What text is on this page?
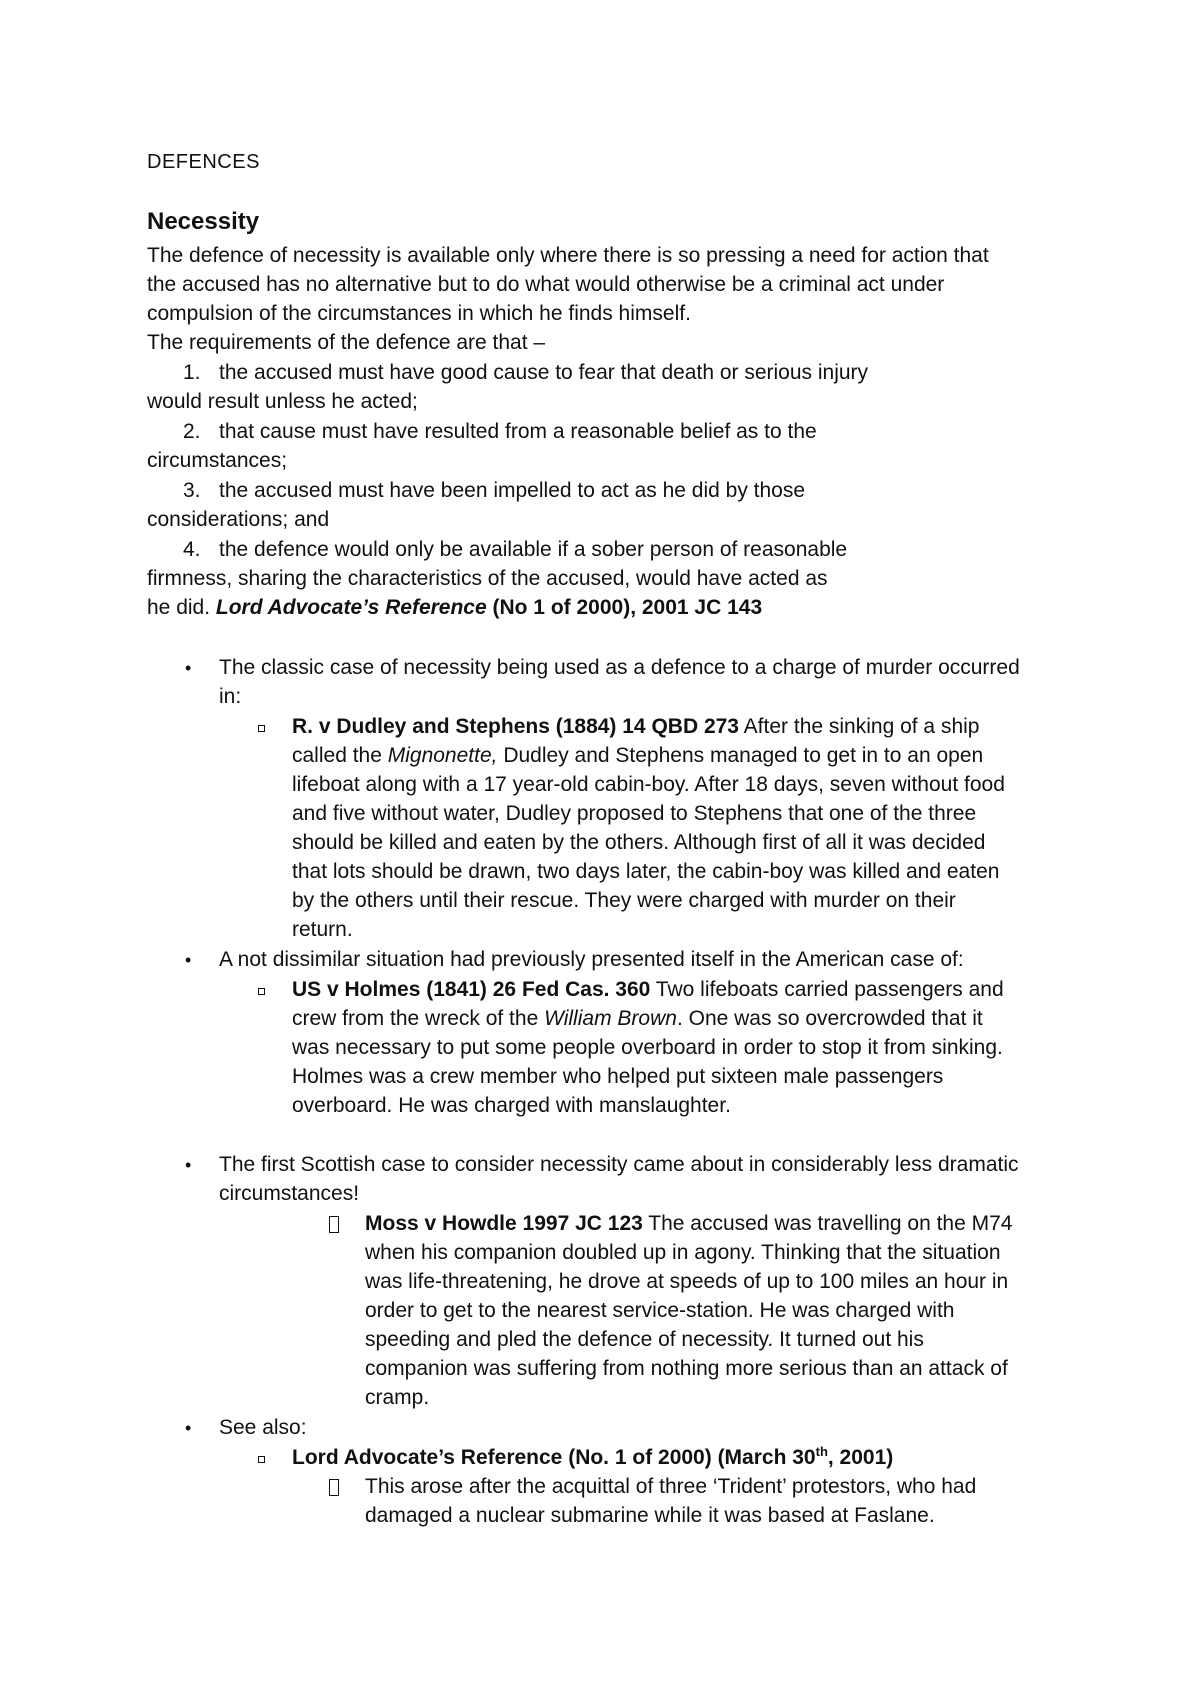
DEFENCES
Necessity
The defence of necessity is available only where there is so pressing a need for action that
the accused has no alternative but to do what would otherwise be a criminal act under
compulsion of the circumstances in which he finds himself.
The requirements of the defence are that –
1. the accused must have good cause to fear that death or serious injury
would result unless he acted;
2. that cause must have resulted from a reasonable belief as to the
circumstances;
3. the accused must have been impelled to act as he did by those
considerations; and
4. the defence would only be available if a sober person of reasonable
firmness, sharing the characteristics of the accused, would have acted as
he did. Lord Advocate’s Reference (No 1 of 2000), 2001 JC 143
• The classic case of necessity being used as a defence to a charge of murder occurred
in:
R. v Dudley and Stephens (1884) 14 QBD 273 After the sinking of a ship
called the Mignonette, Dudley and Stephens managed to get in to an open
lifeboat along with a 17 year-old cabin-boy. After 18 days, seven without food
and five without water, Dudley proposed to Stephens that one of the three
should be killed and eaten by the others. Although first of all it was decided
that lots should be drawn, two days later, the cabin-boy was killed and eaten
by the others until their rescue. They were charged with murder on their
return.
• A not dissimilar situation had previously presented itself in the American case of:
US v Holmes (1841) 26 Fed Cas. 360 Two lifeboats carried passengers and
crew from the wreck of the William Brown. One was so overcrowded that it
was necessary to put some people overboard in order to stop it from sinking.
Holmes was a crew member who helped put sixteen male passengers
overboard. He was charged with manslaughter.
• The first Scottish case to consider necessity came about in considerably less dramatic
circumstances!
Moss v Howdle 1997 JC 123 The accused was travelling on the M74
when his companion doubled up in agony. Thinking that the situation
was life-threatening, he drove at speeds of up to 100 miles an hour in
order to get to the nearest service-station. He was charged with
speeding and pled the defence of necessity. It turned out his
companion was suffering from nothing more serious than an attack of
cramp.
• See also:
Lord Advocate’s Reference (No. 1 of 2000) (March 30th, 2001)
This arose after the acquittal of three ‘Trident’ protestors, who had
damaged a nuclear submarine while it was based at Faslane.
